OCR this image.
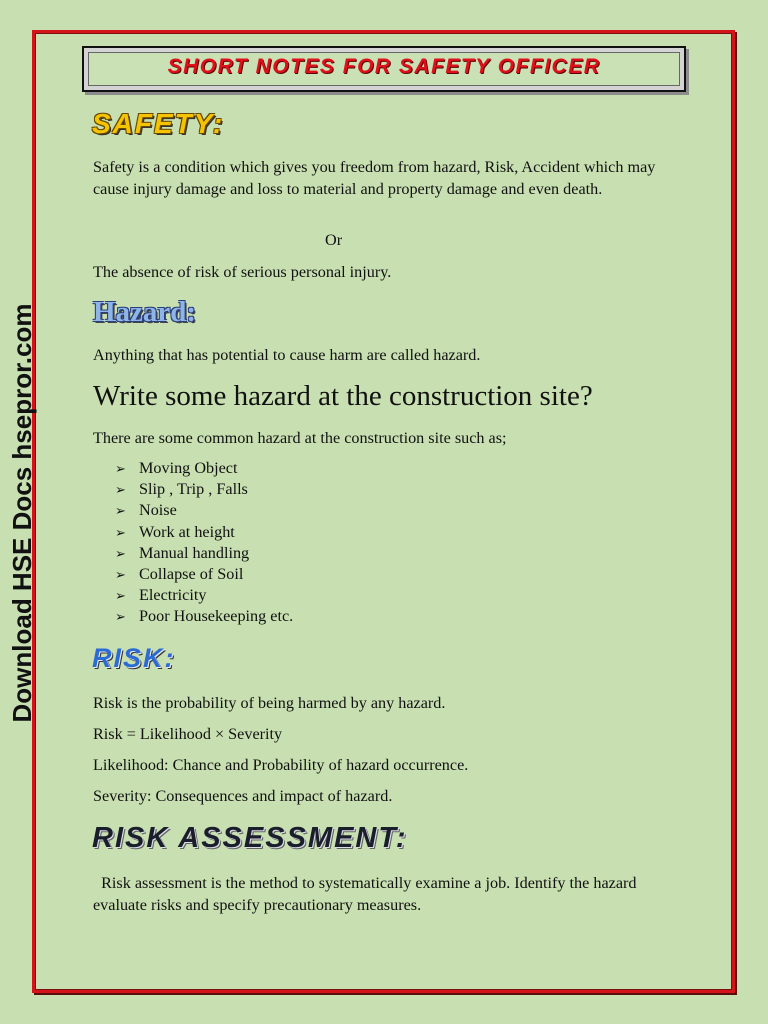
Download HSE Docs hsepror.com
SHORT NOTES FOR SAFETY OFFICER
SAFETY:

Safety is a condition which gives you freedom from hazard, Risk, Accident which may cause injury damage and loss to material and property damage and even death.

Or

The absence of risk of serious personal injury.

Hazard:

Anything that has potential to cause harm are called hazard.

Write some hazard at the construction site?

There are some common hazard at the construction site such as;

➢ Moving Object
➢ Slip , Trip , Falls
➢ Noise
➢ Work at height
➢ Manual handling
➢ Collapse of Soil
➢ Electricity
➢ Poor Housekeeping etc.
RISK:

Risk is the probability of being harmed by any hazard.

Risk = Likelihood × Severity

Likelihood: Chance and Probability of hazard occurrence.

Severity: Consequences and impact of hazard.

RISK ASSESSMENT:

Risk assessment is the method to systematically examine a job. Identify the hazard evaluate risks and specify precautionary measures.
